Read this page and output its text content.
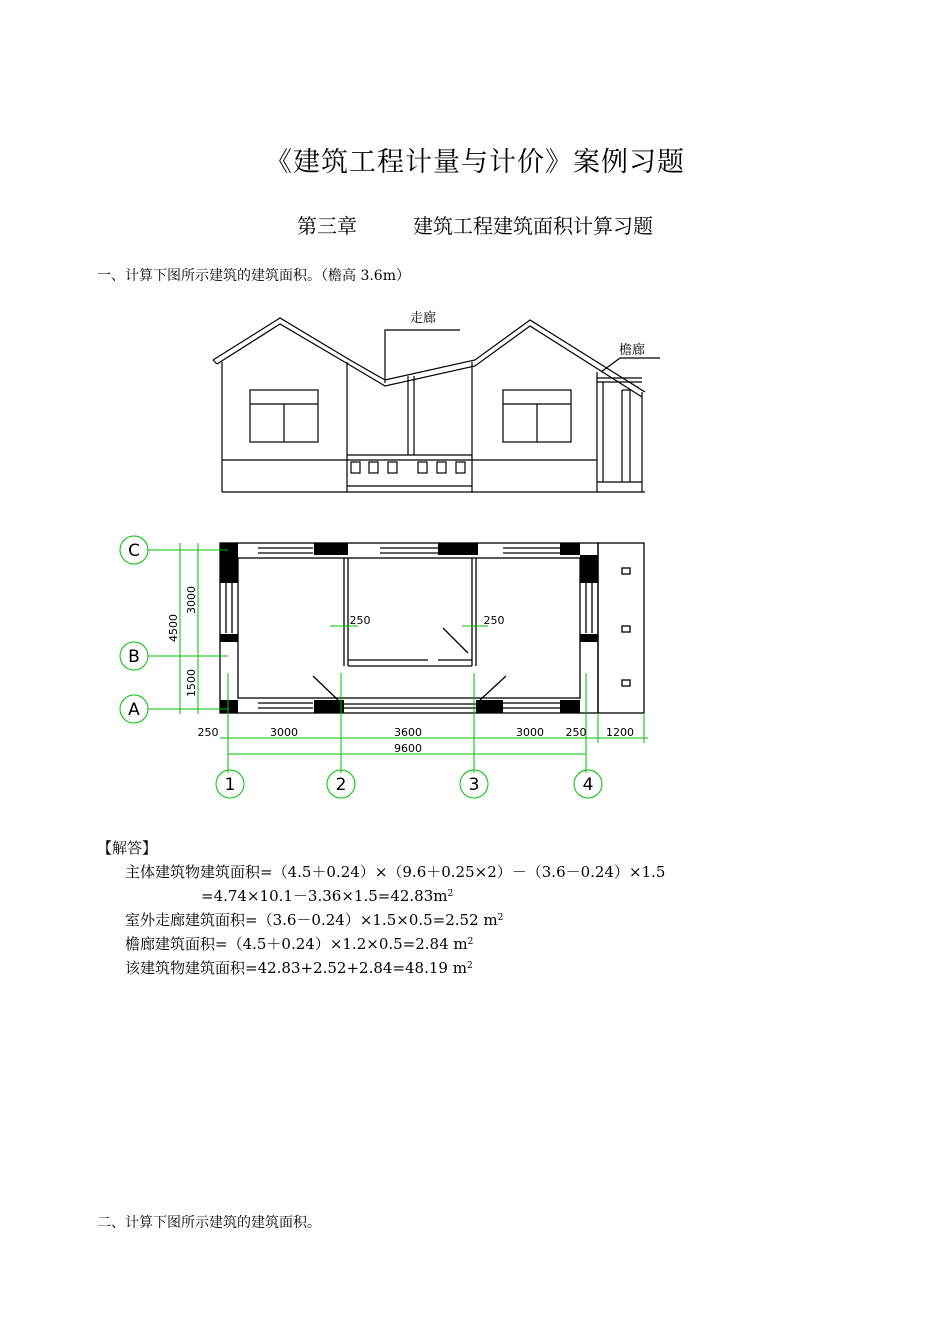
《建筑工程计量与计价》案例习题
第三章	建筑工程建筑面积计算习题
一、计算下图所示建筑的建筑面积。（檐高 3.6m）
走廊
檐廊
C
B
A
1	2	3	4
4500
3000
1500
250	3000	3600	3000 250 1200
9600
250	250
【解答】
主体建筑物建筑面积=（4.5＋0.24）×（9.6＋0.25×2）－（3.6－0.24）×1.5
$=4.74\times 10.1-3.36\times 1.5=42.83m^2$
室外走廊建筑面积=（3.6－0.24）×1.5×0.5=2.52 $m^2$
檐廊建筑面积=（4.5＋0.24）×1.2×0.5=2.84 $m^2$
该建筑物建筑面积=42.83+2.52+2.84=48.19 $m^2$
二、计算下图所示建筑的建筑面积。
